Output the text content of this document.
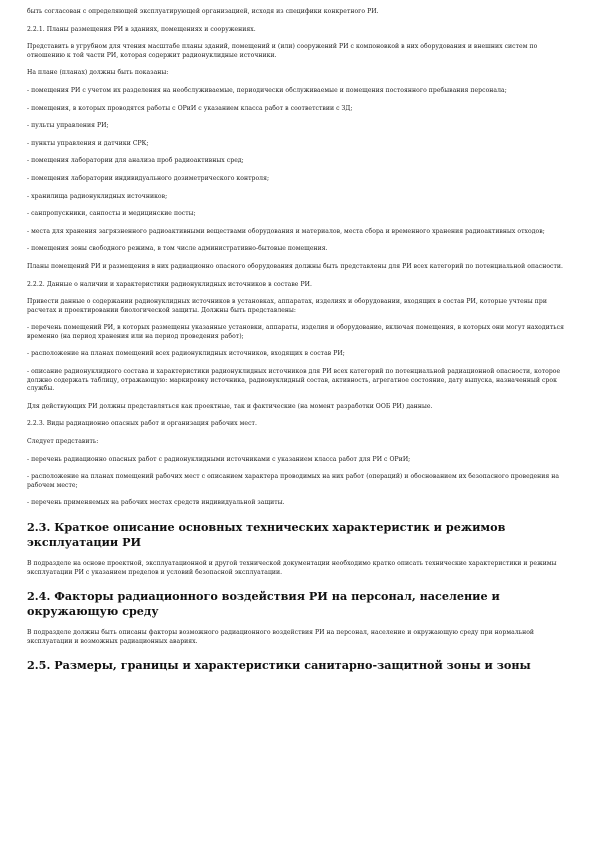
быть согласован с определяющей эксплуатирующей организацией, исходя из специфики конкретного РИ.

2.2.1. Планы размещения РИ в зданиях, помещениях и сооружениях.

Представить в угрубном для чтения масштабе планы зданий, помещений и (или) сооружений РИ с компоновкой в них оборудования и внешних систем по отношению к той части РИ, которая содержит радионуклидные источники.

На плане (планах) должны быть показаны:

- помещения РИ с учетом их разделения на необслуживаемые, периодически обслуживаемые и помещения постоянного пребывания персонала;

- помещения, в которых проводятся работы с ОРиИ с указанием класса работ в соответствии с ЗД;

- пульты управления РИ;

- пункты управления и датчики СРК;

- помещения лаборатории для анализа проб радиоактивных сред;

- помещения лаборатории индивидуального дозиметрического контроля;

- хранилища радионуклидных источников;

- санпропускники, санпосты и медицинские посты;

- места для хранения загрязненного радиоактивными веществами оборудования и материалов, места сбора и временного хранения радиоактивных отходов;

- помещения зоны свободного режима, в том числе административно-бытовые помещения.

Планы помещений РИ и размещения в них радиационно опасного оборудования должны быть представлены для РИ всех категорий по потенциальной опасности.

2.2.2. Данные о наличии и характеристики радионуклидных источников в составе РИ.

Привести данные о содержании радионуклидных источников в установках, аппаратах, изделиях и оборудовании, входящих в состав РИ, которые учтены при расчетах и проектировании биологической защиты. Должны быть представлены:

- перечень помещений РИ, в которых размещены указанные установки, аппараты, изделия и оборудование, включая помещения, в которых они могут находиться временно (на период хранения или на период проведения работ);

- расположение на планах помещений всех радионуклидных источников, входящих в состав РИ;

- описание радионуклидного состава и характеристики радионуклидных источников для РИ всех категорий по потенциальной радиационной опасности, которое должно содержать таблицу, отражающую: маркировку источника, радионуклидный состав, активность, агрегатное состояние, дату выпуска, назначенный срок службы.

Для действующих РИ должны представляться как проектные, так и фактические (на момент разработки ООБ РИ) данные.

2.2.3. Виды радиационно опасных работ и организация рабочих мест.

Следует представить:

- перечень радиационно опасных работ с радионуклидными источниками с указанием класса работ для РИ с ОРиИ;

- расположение на планах помещений рабочих мест с описанием характера проводимых на них работ (операций) и обоснованием их безопасного проведения на рабочем месте;

- перечень применяемых на рабочих местах средств индивидуальной защиты.

2.3. Краткое описание основных технических характеристик и режимов эксплуатации РИ

В подразделе на основе проектной, эксплуатационной и другой технической документации необходимо кратко описать технические характеристики и режимы эксплуатации РИ с указанием пределов и условий безопасной эксплуатации.

2.4. Факторы радиационного воздействия РИ на персонал, население и окружающую среду

В подразделе должны быть описаны факторы возможного радиационного воздействия РИ на персонал, население и окружающую среду при нормальной эксплуатации и возможных радиационных авариях.

2.5. Размеры, границы и характеристики санитарно-защитной зоны и зоны
